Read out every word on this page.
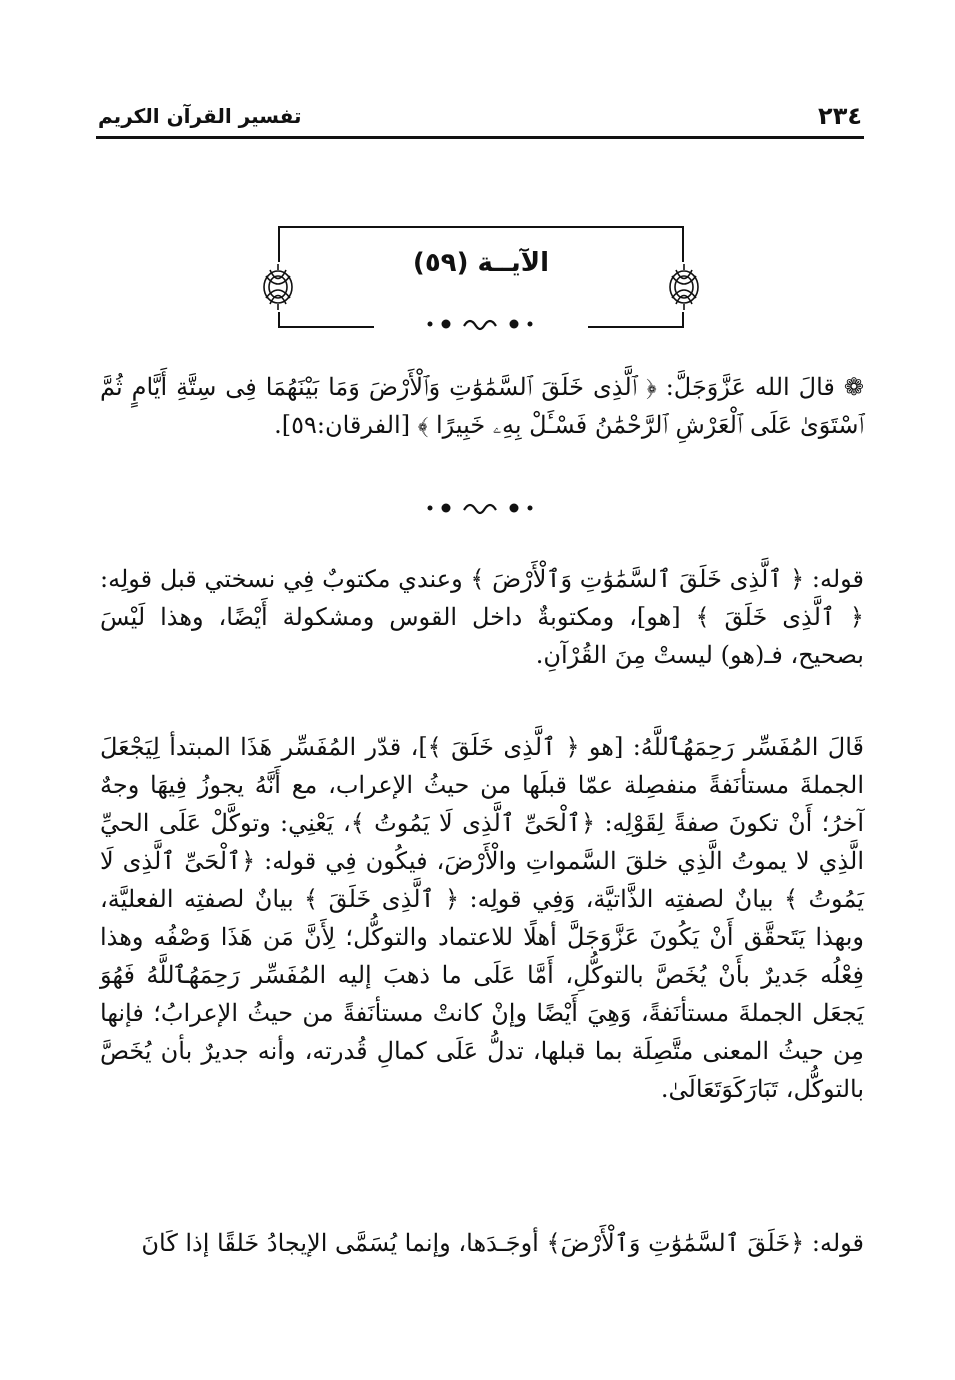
تفسير القرآن الكريم	٢٣٤
الآيــة (٥٩)

❁ قالَ الله عَزَّوَجَلَّ: ﴿ ٱلَّذِى خَلَقَ ٱلسَّمَٰوَٰتِ وَٱلْأَرْضَ وَمَا بَيْنَهُمَا فِى سِتَّةِ أَيَّامٍ ثُمَّ ٱسْتَوَىٰ عَلَى ٱلْعَرْشِ ٱلرَّحْمَٰنُ فَسْـَٔلْ بِهِۦ خَبِيرًا ﴾ [الفرقان:٥٩].

قوله: ﴿ ٱلَّذِى خَلَقَ ٱلسَّمَٰوَٰتِ وَٱلْأَرْضَ ﴾ وعندي مكتوبٌ فِي نسختي قبل قولِه: ﴿ ٱلَّذِى خَلَقَ ﴾ [هو]، ومكتوبةٌ داخل القوس ومشكولة أَيْضًا، وهذا لَيْسَ بصحيح، فـ(هو) ليستْ مِنَ القُرْآنِ.

قَالَ المُفَسِّر رَحِمَهُٱللَّهُ: [هو ﴿ ٱلَّذِى خَلَقَ ﴾]، قدّر المُفَسِّر هَذَا المبتدأ لِيَجْعَلَ الجملةَ مستأنَفةً منفصِلة عمّا قبلَها من حيثُ الإعراب، مع أَنَّهُ يجوزُ فِيهَا وجهٌ آخرُ؛ أَنْ تكونَ صفةً لِقَوْلِه: ﴿ٱلْحَىِّ ٱلَّذِى لَا يَمُوتُ ﴾، يَعْنِي: وتوكَّلْ عَلَى الحيِّ الَّذِي لا يموتُ الَّذِي خلقَ السَّمواتِ والْأَرْضَ، فيكُون فِي قوله: ﴿ٱلْحَىِّ ٱلَّذِى لَا يَمُوتُ ﴾ بيانٌ لصفتِه الذَّاتيَّة، وَفِي قولِه: ﴿ ٱلَّذِى خَلَقَ ﴾ بيانٌ لصفتِه الفعليَّة، وبهذا يَتَحقَّق أَنْ يَكُونَ عَزَّوَجَلَّ أهلًا للاعتماد والتوكُّل؛ لِأَنَّ مَن هَذَا وَصْفُه وهذا فِعْلُه جَديرٌ بأَنْ يُخَصَّ بالتوكُّلِ، أَمَّا عَلَى ما ذهبَ إليه المُفَسِّر رَحِمَهُٱللَّهُ فَهُوَ يَجعَل الجملةَ مستأنَفةً، وَهِيَ أَيْضًا وإنْ كانتْ مستأنَفةً من حيثُ الإعرابُ؛ فإنها مِن حيثُ المعنى متَّصِلَة بما قبلها، تدلُّ عَلَى كمالِ قُدرته، وأنه جديرٌ بأن يُخَصَّ بالتوكُّل، تَبَارَكَوَتَعَالَىٰ.

قوله: ﴿خَلَقَ ٱلسَّمَٰوَٰتِ وَٱلْأَرْضَ﴾ أوجَـدَها، وإنما يُسَمَّى الإيجادُ خَلقًا إذا كَانَ
